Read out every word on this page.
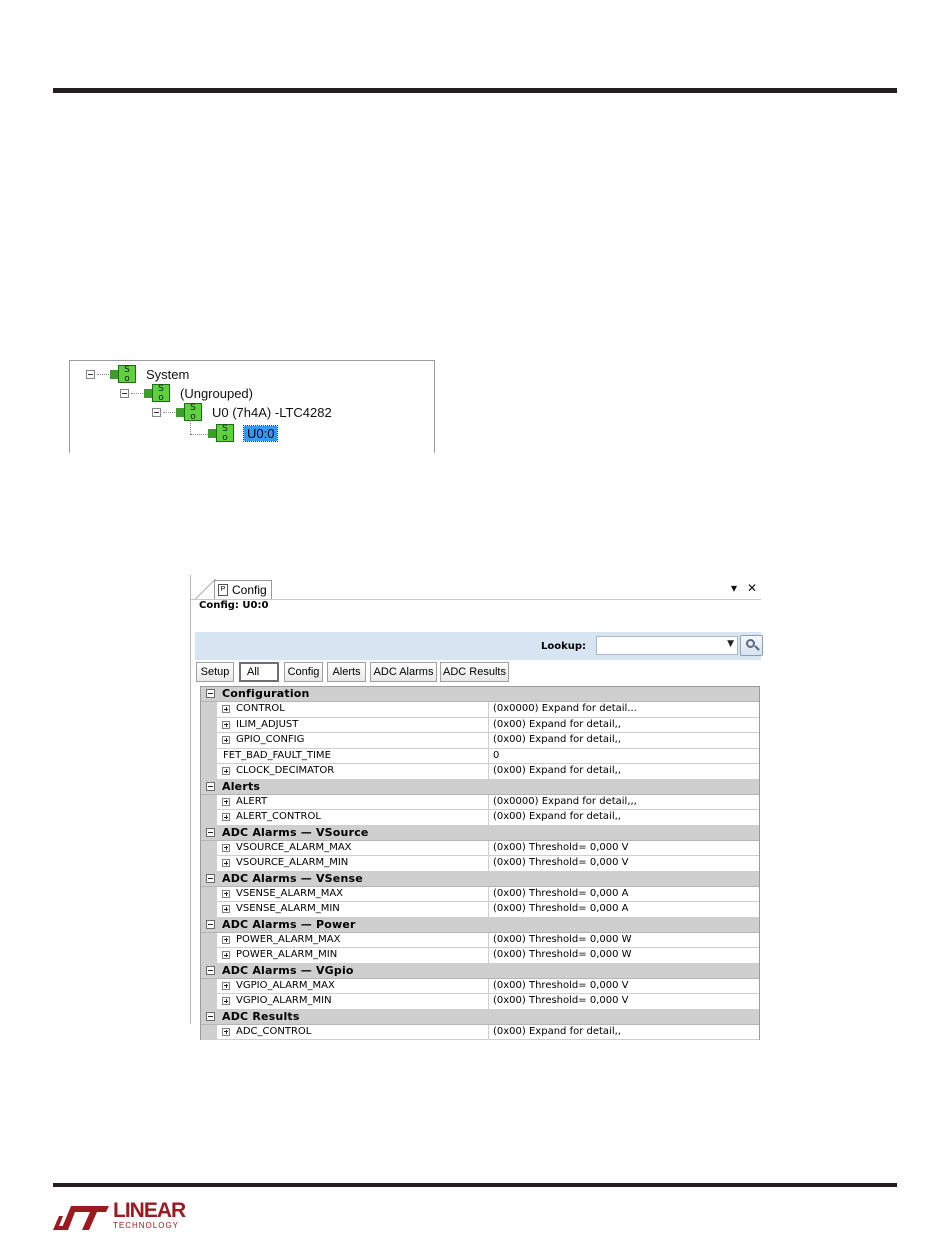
S
o	System
S
o	(Ungrouped)
S
o	U0 (7h4A) -LTC4282
S
o	U0:0
P Config	▾ ✕
Config: U0:0
Lookup:	▼
Setup	All	Config	Alerts	ADC Alarms ADC Results
Configuration
CONTROL	(0x0000) Expand for detail...
ILIM_ADJUST	(0x00) Expand for detail,,
GPIO_CONFIG	(0x00) Expand for detail,,
FET_BAD_FAULT_TIME	0
CLOCK_DECIMATOR	(0x00) Expand for detail,,
Alerts
ALERT	(0x0000) Expand for detail,,,
ALERT_CONTROL	(0x00) Expand for detail,,
ADC Alarms — VSource
VSOURCE_ALARM_MAX	(0x00) Threshold= 0,000 V
VSOURCE_ALARM_MIN	(0x00) Threshold= 0,000 V
ADC Alarms — VSense
VSENSE_ALARM_MAX	(0x00) Threshold= 0,000 A
VSENSE_ALARM_MIN	(0x00) Threshold= 0,000 A
ADC Alarms — Power
POWER_ALARM_MAX	(0x00) Threshold= 0,000 W
POWER_ALARM_MIN	(0x00) Threshold= 0,000 W
ADC Alarms — VGpio
VGPIO_ALARM_MAX	(0x00) Threshold= 0,000 V
VGPIO_ALARM_MIN	(0x00) Threshold= 0,000 V
ADC Results
ADC_CONTROL	(0x00) Expand for detail,,
LINEAR
TECHNOLOGY
